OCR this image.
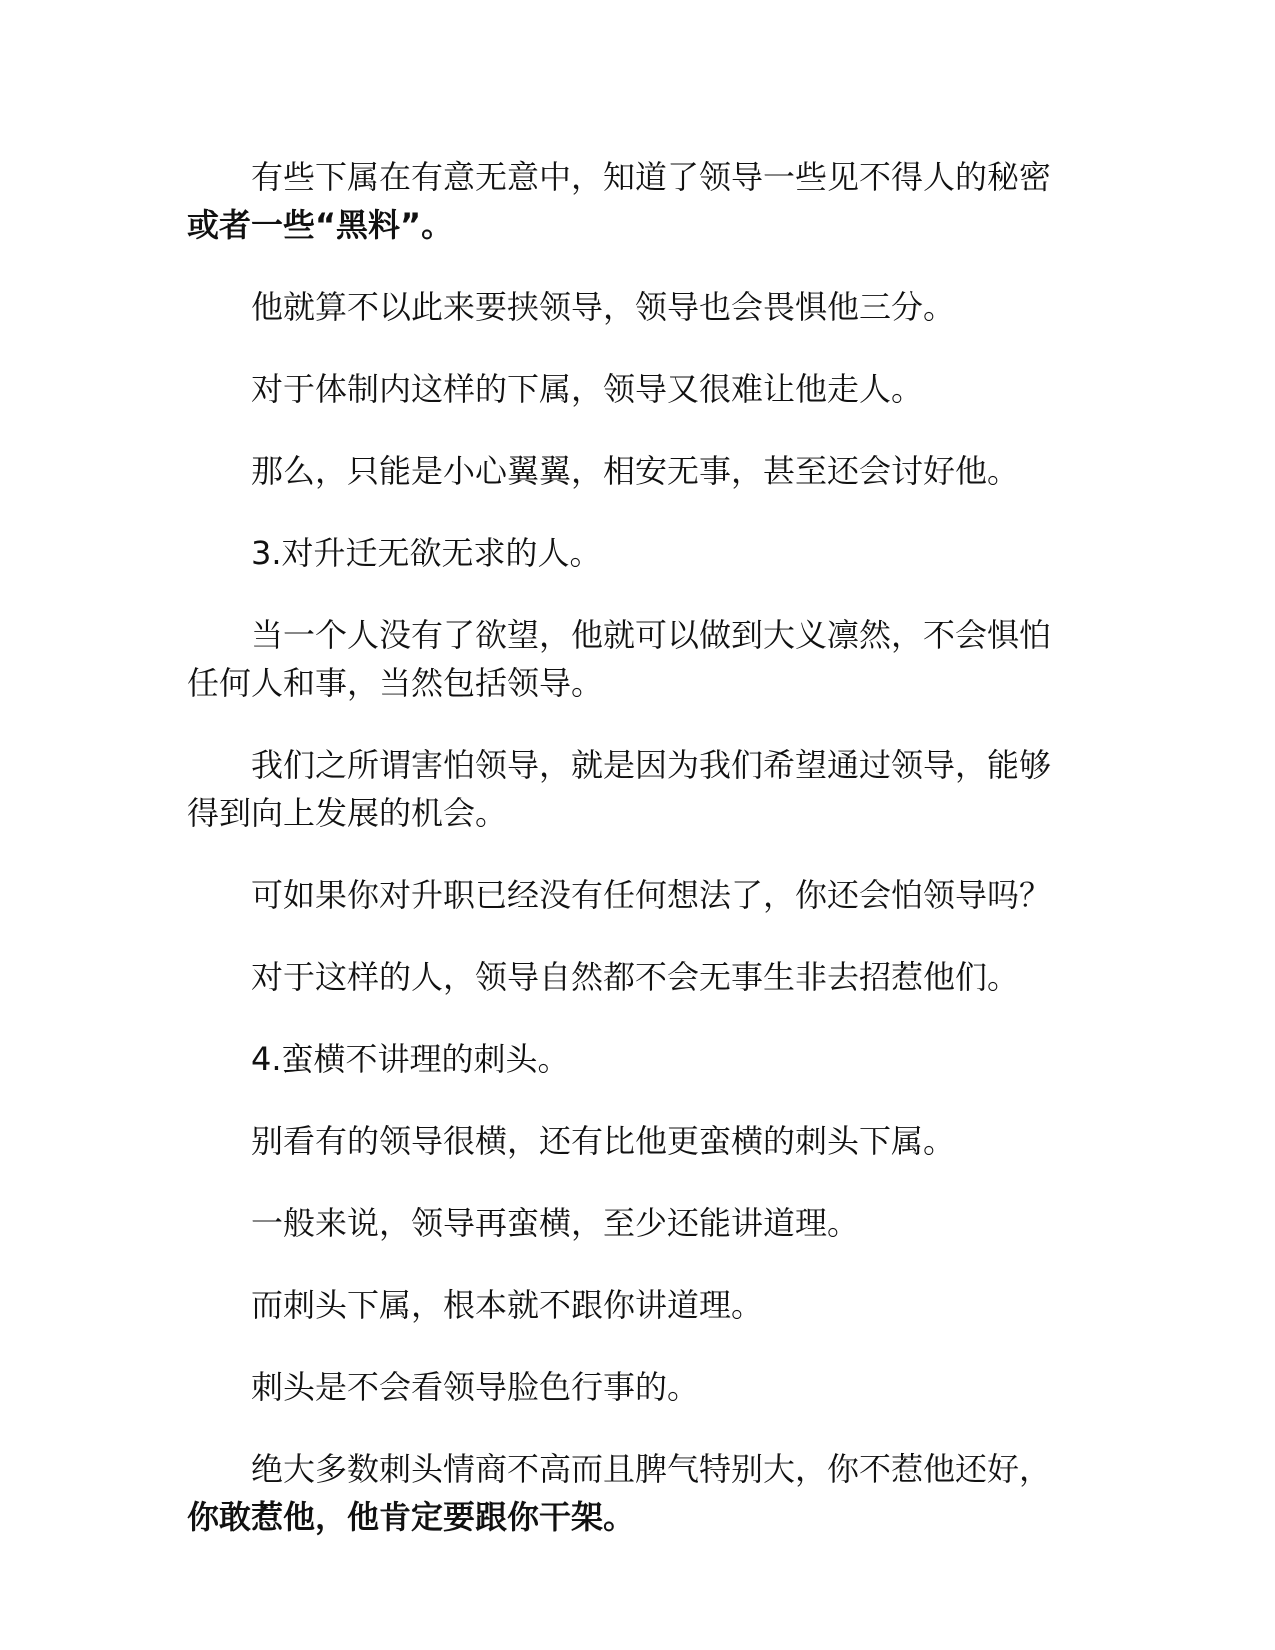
有些下属在有意无意中，知道了领导一些见不得人的秘密
或者一些“黑料”。

他就算不以此来要挟领导，领导也会畏惧他三分。

对于体制内这样的下属，领导又很难让他走人。

那么，只能是小心翼翼，相安无事，甚至还会讨好他。

3.对升迁无欲无求的人。

当一个人没有了欲望，他就可以做到大义凛然，不会惧怕
任何人和事，当然包括领导。

我们之所谓害怕领导，就是因为我们希望通过领导，能够
得到向上发展的机会。

可如果你对升职已经没有任何想法了，你还会怕领导吗？

对于这样的人，领导自然都不会无事生非去招惹他们。

4.蛮横不讲理的刺头。

别看有的领导很横，还有比他更蛮横的刺头下属。

一般来说，领导再蛮横，至少还能讲道理。

而刺头下属，根本就不跟你讲道理。

刺头是不会看领导脸色行事的。

绝大多数刺头情商不高而且脾气特别大，你不惹他还好，
你敢惹他，他肯定要跟你干架。
